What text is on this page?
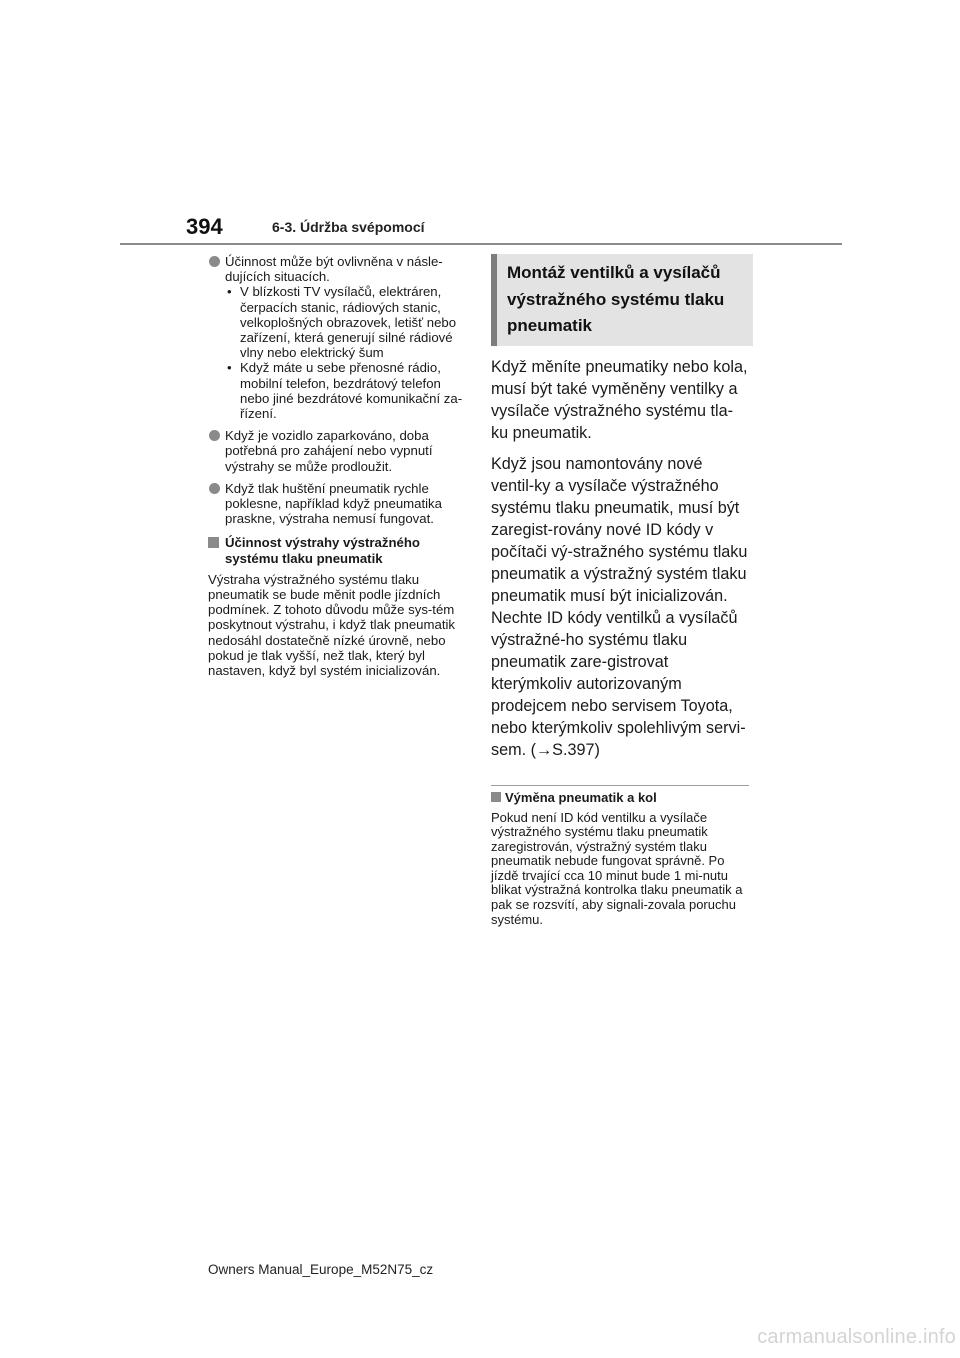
394	6-3. Údržba svépomocí
Účinnost může být ovlivněna v násle-dujících situacích.
• V blízkosti TV vysílačů, elektráren, čerpacích stanic, rádiových stanic, velkoplošných obrazovek, letišť nebo zařízení, která generují silné rádiové vlny nebo elektrický šum
• Když máte u sebe přenosné rádio, mobilní telefon, bezdrátový telefon nebo jiné bezdrátové komunikační za-řízení.
Když je vozidlo zaparkováno, doba potřebná pro zahájení nebo vypnutí výstrahy se může prodloužit.
Když tlak huštění pneumatik rychle poklesne, například když pneumatika praskne, výstraha nemusí fungovat.
Účinnost výstrahy výstražného systému tlaku pneumatik

Výstraha výstražného systému tlaku pneumatik se bude měnit podle jízdních podmínek. Z tohoto důvodu může sys-tém poskytnout výstrahu, i když tlak pneumatik nedosáhl dostatečně nízké úrovně, nebo pokud je tlak vyšší, než tlak, který byl nastaven, když byl systém inicializován.

Montáž ventilků a vysílačů výstražného systému tlaku pneumatik

Když měníte pneumatiky nebo kola, musí být také vyměněny ventilky a vysílače výstražného systému tla-ku pneumatik.

Když jsou namontovány nové ventil-ky a vysílače výstražného systému tlaku pneumatik, musí být zaregist-rovány nové ID kódy v počítači vý-stražného systému tlaku pneumatik a výstražný systém tlaku pneumatik musí být inicializován. Nechte ID kódy ventilků a vysílačů výstražné-ho systému tlaku pneumatik zare-gistrovat kterýmkoliv autorizovaným prodejcem nebo servisem Toyota, nebo kterýmkoliv spolehlivým servi-sem. (→S.397)

Výměna pneumatik a kol
Pokud není ID kód ventilku a vysílače výstražného systému tlaku pneumatik zaregistrován, výstražný systém tlaku pneumatik nebude fungovat správně. Po jízdě trvající cca 10 minut bude 1 mi-nutu blikat výstražná kontrolka tlaku pneumatik a pak se rozsvítí, aby signali-zovala poruchu systému.
Owners Manual_Europe_M52N75_cz
carmanualsonline.info
